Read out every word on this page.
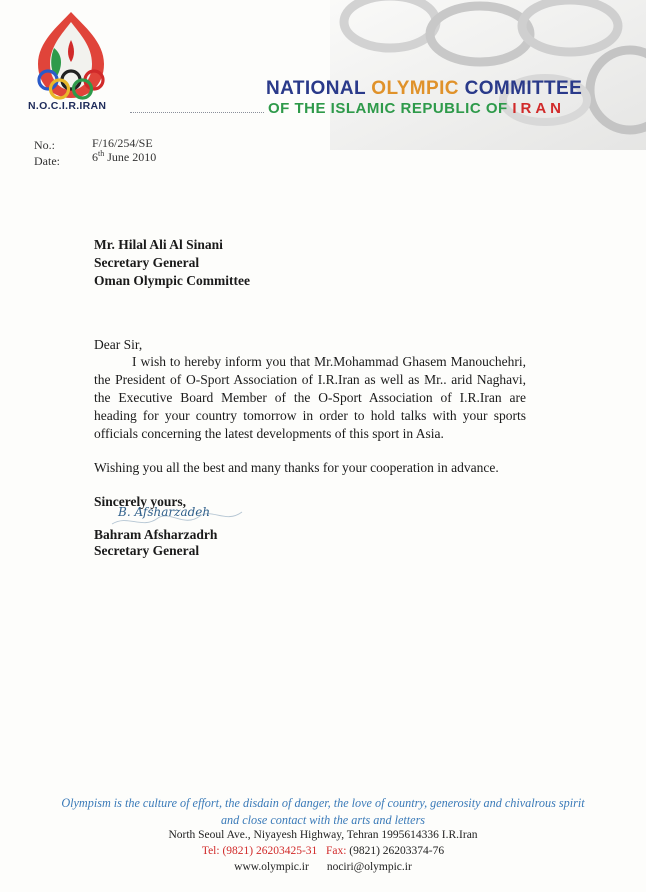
N.O.C.I.R.IRAN
NATIONAL OLYMPIC COMMITTEE
OF THE ISLAMIC REPUBLIC OF IRAN
No.:	F/16/254/SE
Date:	6th June 2010
Mr. Hilal Ali Al Sinani
Secretary General
Oman Olympic Committee
Dear Sir,
I wish to hereby inform you that Mr.Mohammad Ghasem Manouchehri, the President of O-Sport Association of I.R.Iran as well as Mr.. arid Naghavi, the Executive Board Member of the O-Sport Association of I.R.Iran are heading for your country tomorrow in order to hold talks with your sports officials concerning the latest developments of this sport in Asia.
Wishing you all the best and many thanks for your cooperation in advance.
Sincerely yours,
B. Afsharzadeh
Bahram Afsharzadrh
Secretary General
Olympism is the culture of effort, the disdain of danger, the love of country, generosity and chivalrous spirit
and close contact with the arts and letters
North Seoul Ave., Niyayesh Highway, Tehran 1995614336 I.R.Iran
Tel: (9821) 26203425-31 Fax: (9821) 26203374-76
www.olympic.ir nociri@olympic.ir
